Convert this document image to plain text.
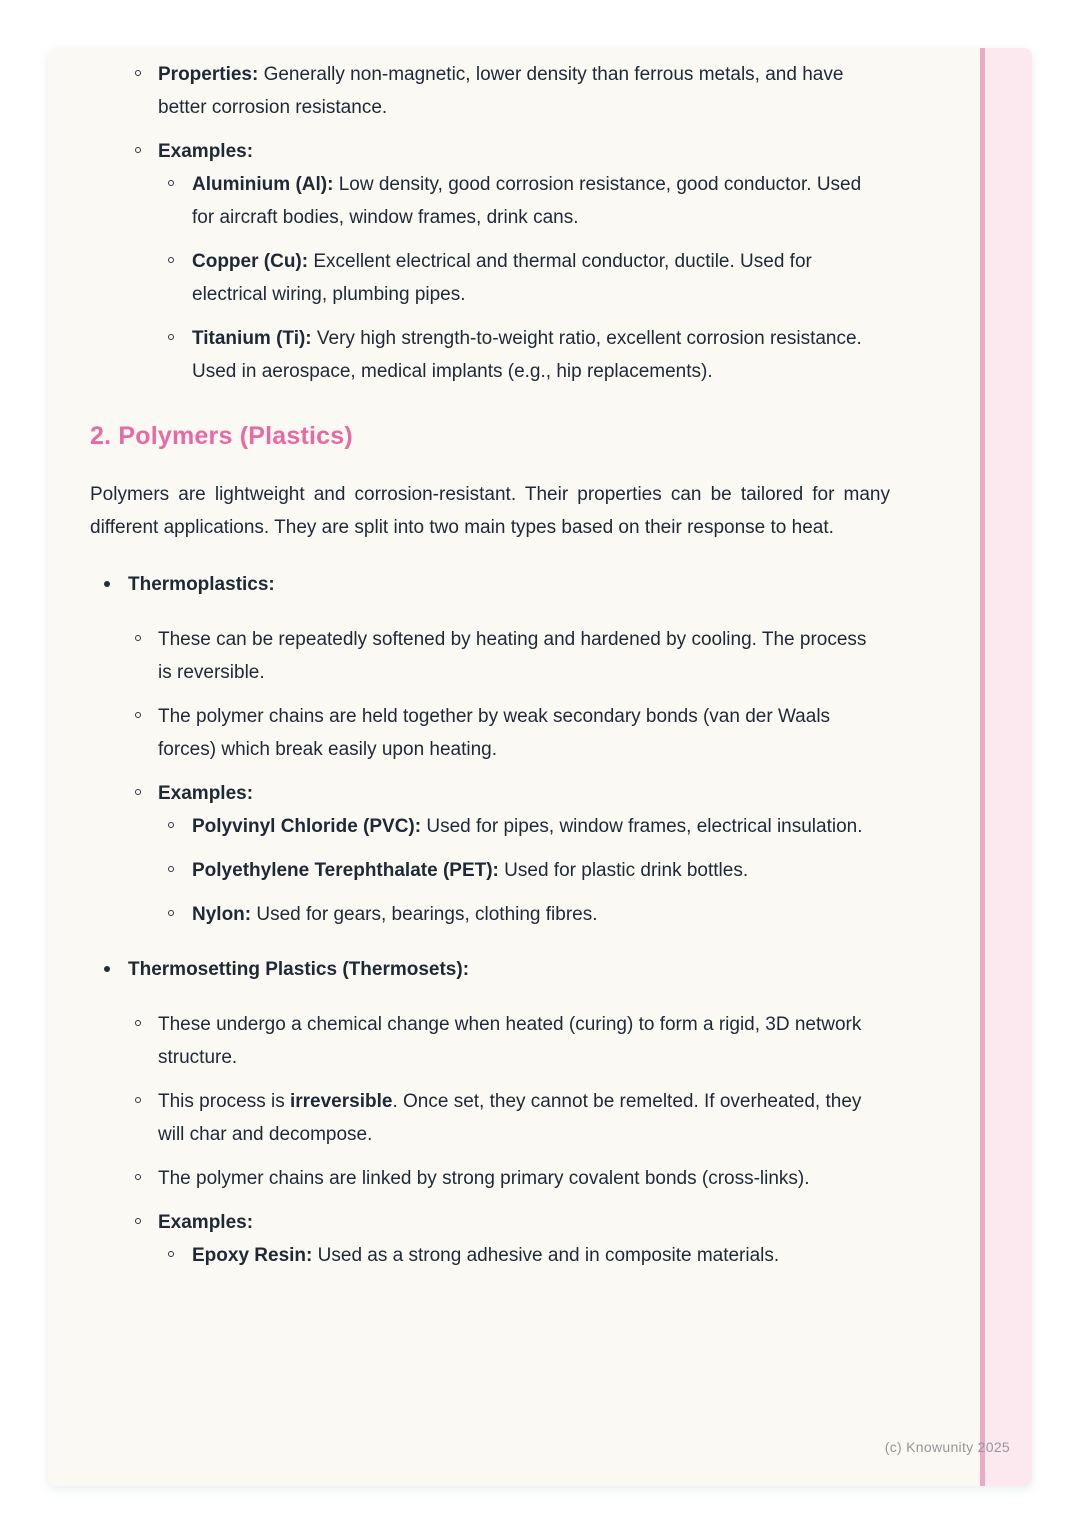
Properties: Generally non-magnetic, lower density than ferrous metals, and have better corrosion resistance.
Examples:
Aluminium (Al): Low density, good corrosion resistance, good conductor. Used for aircraft bodies, window frames, drink cans.
Copper (Cu): Excellent electrical and thermal conductor, ductile. Used for electrical wiring, plumbing pipes.
Titanium (Ti): Very high strength-to-weight ratio, excellent corrosion resistance. Used in aerospace, medical implants (e.g., hip replacements).
2. Polymers (Plastics)

Polymers are lightweight and corrosion-resistant. Their properties can be tailored for many different applications. They are split into two main types based on their response to heat.

Thermoplastics:
These can be repeatedly softened by heating and hardened by cooling. The process is reversible.
The polymer chains are held together by weak secondary bonds (van der Waals forces) which break easily upon heating.
Examples:
Polyvinyl Chloride (PVC): Used for pipes, window frames, electrical insulation.
Polyethylene Terephthalate (PET): Used for plastic drink bottles.
Nylon: Used for gears, bearings, clothing fibres.
Thermosetting Plastics (Thermosets):
These undergo a chemical change when heated (curing) to form a rigid, 3D network structure.
This process is irreversible. Once set, they cannot be remelted. If overheated, they will char and decompose.
The polymer chains are linked by strong primary covalent bonds (cross-links).
Examples:
Epoxy Resin: Used as a strong adhesive and in composite materials.
(c) Knowunity 2025
